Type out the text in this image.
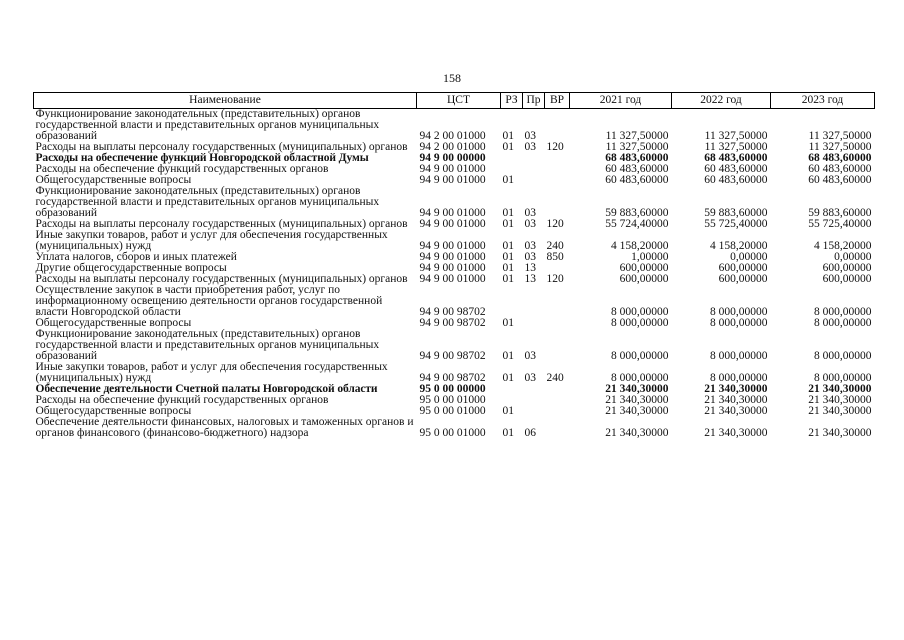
158
Наименование	ЦСТ	РЗ	Пр	ВР	2021 год	2022 год	2023 год
Функционирование законодательных (представительных) органов государственной власти и представительных органов муниципальных образований	94 2 00 01000	01	03		11 327,50000	11 327,50000	11 327,50000
Расходы на выплаты персоналу государственных (муниципальных) органов	94 2 00 01000	01	03	120	11 327,50000	11 327,50000	11 327,50000
Расходы на обеспечение функций Новгородской областной Думы	94 9 00 00000				68 483,60000	68 483,60000	68 483,60000
Расходы на обеспечение функций государственных органов	94 9 00 01000				60 483,60000	60 483,60000	60 483,60000
Общегосударственные вопросы	94 9 00 01000	01			60 483,60000	60 483,60000	60 483,60000
Функционирование законодательных (представительных) органов государственной власти и представительных органов муниципальных образований	94 9 00 01000	01	03		59 883,60000	59 883,60000	59 883,60000
Расходы на выплаты персоналу государственных (муниципальных) органов	94 9 00 01000	01	03	120	55 724,40000	55 725,40000	55 725,40000
Иные закупки товаров, работ и услуг для обеспечения государственных (муниципальных) нужд	94 9 00 01000	01	03	240	4 158,20000	4 158,20000	4 158,20000
Уплата налогов, сборов и иных платежей	94 9 00 01000	01	03	850	1,00000	0,00000	0,00000
Другие общегосударственные вопросы	94 9 00 01000	01	13		600,00000	600,00000	600,00000
Расходы на выплаты персоналу государственных (муниципальных) органов	94 9 00 01000	01	13	120	600,00000	600,00000	600,00000
Осуществление закупок в части приобретения работ, услуг по информационному освещению деятельности органов государственной власти Новгородской области	94 9 00 98702				8 000,00000	8 000,00000	8 000,00000
Общегосударственные вопросы	94 9 00 98702	01			8 000,00000	8 000,00000	8 000,00000
Функционирование законодательных (представительных) органов государственной власти и представительных органов муниципальных образований	94 9 00 98702	01	03		8 000,00000	8 000,00000	8 000,00000
Иные закупки товаров, работ и услуг для обеспечения государственных (муниципальных) нужд	94 9 00 98702	01	03	240	8 000,00000	8 000,00000	8 000,00000
Обеспечение деятельности Счетной палаты Новгородской области	95 0 00 00000				21 340,30000	21 340,30000	21 340,30000
Расходы на обеспечение функций государственных органов	95 0 00 01000				21 340,30000	21 340,30000	21 340,30000
Общегосударственные вопросы	95 0 00 01000	01			21 340,30000	21 340,30000	21 340,30000
Обеспечение деятельности финансовых, налоговых и таможенных органов и органов финансового (финансово-бюджетного) надзора	95 0 00 01000	01	06		21 340,30000	21 340,30000	21 340,30000
